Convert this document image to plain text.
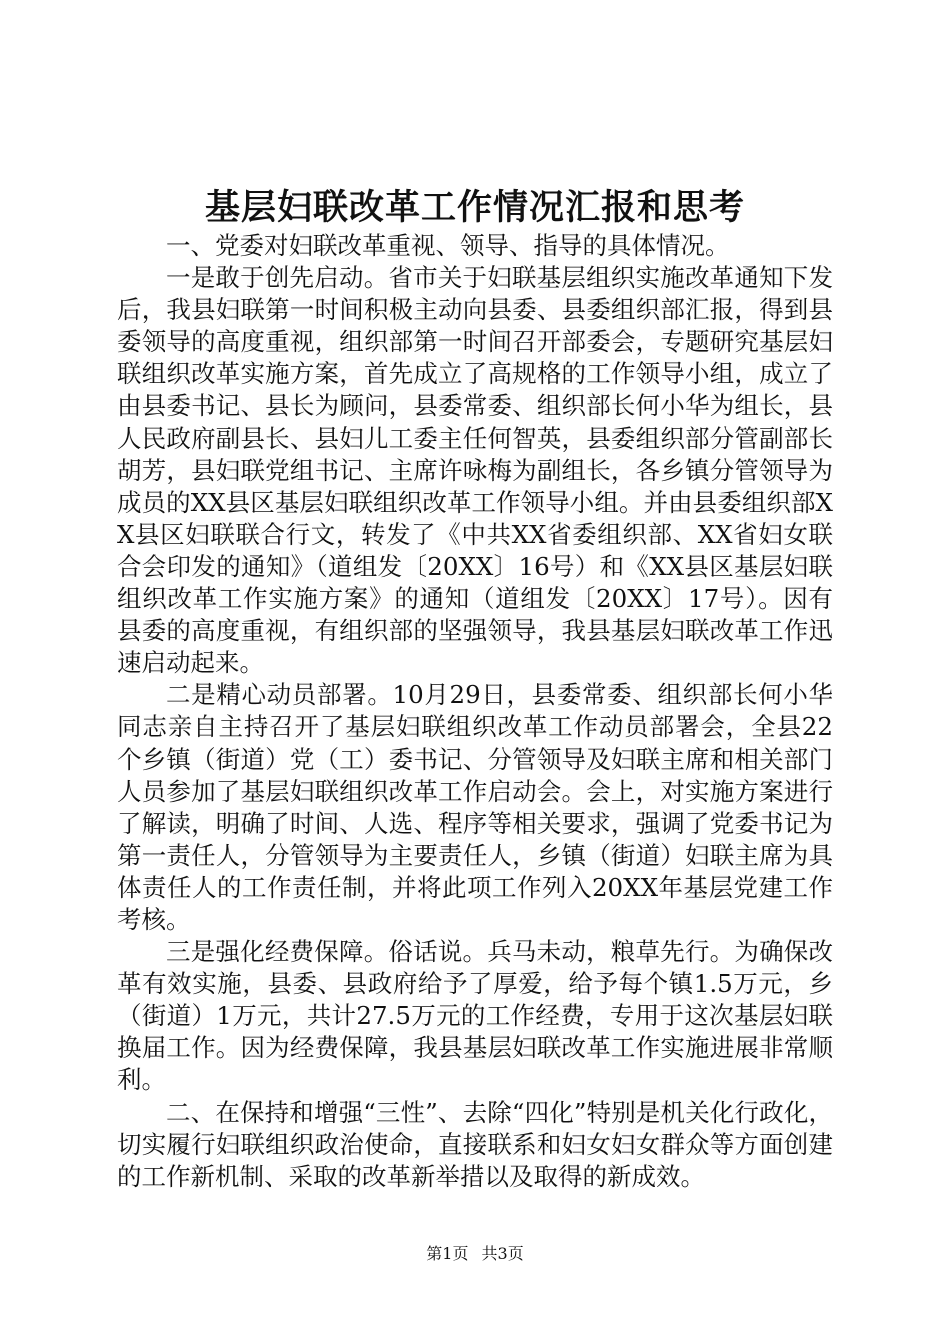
基层妇联改革工作情况汇报和思考

一、党委对妇联改革重视、领导、指导的具体情况。

一是敢于创先启动。省市关于妇联基层组织实施改革通知下发后，我县妇联第一时间积极主动向县委、县委组织部汇报，得到县委领导的高度重视，组织部第一时间召开部委会，专题研究基层妇联组织改革实施方案，首先成立了高规格的工作领导小组，成立了由县委书记、县长为顾问，县委常委、组织部长何小华为组长，县人民政府副县长、县妇儿工委主任何智英，县委组织部分管副部长胡芳，县妇联党组书记、主席许咏梅为副组长，各乡镇分管领导为成员的XX县区基层妇联组织改革工作领导小组。并由县委组织部XX县区妇联联合行文，转发了《中共XX省委组织部、XX省妇女联合会印发的通知》（道组发〔20XX〕16号）和《XX县区基层妇联组织改革工作实施方案》的通知（道组发〔20XX〕17号）。因有县委的高度重视，有组织部的坚强领导，我县基层妇联改革工作迅速启动起来。

二是精心动员部署。10月29日，县委常委、组织部长何小华同志亲自主持召开了基层妇联组织改革工作动员部署会，全县22个乡镇（街道）党（工）委书记、分管领导及妇联主席和相关部门人员参加了基层妇联组织改革工作启动会。会上，对实施方案进行了解读，明确了时间、人选、程序等相关要求，强调了党委书记为第一责任人，分管领导为主要责任人，乡镇（街道）妇联主席为具体责任人的工作责任制，并将此项工作列入20XX年基层党建工作考核。

三是强化经费保障。俗话说。兵马未动，粮草先行。为确保改革有效实施，县委、县政府给予了厚爱，给予每个镇1.5万元，乡（街道）1万元，共计27.5万元的工作经费，专用于这次基层妇联换届工作。因为经费保障，我县基层妇联改革工作实施进展非常顺利。

二、在保持和增强“三性”、去除“四化”特别是机关化行政化，切实履行妇联组织政治使命，直接联系和妇女妇女群众等方面创建的工作新机制、采取的改革新举措以及取得的新成效。

第1页 共3页
